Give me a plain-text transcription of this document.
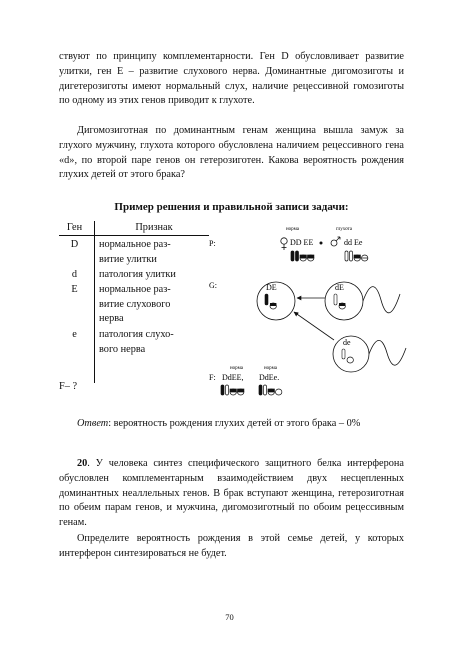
ствуют по принципу комплементарности. Ген D обусловливает развитие улитки, ген E – развитие слухового нерва. Доминантные дигомозиготы и дигетерозиготы имеют нормальный слух, наличие рецессивной гомозиготы по одному из этих генов приводит к глухоте.

Дигомозиготная по доминантным генам женщина вышла замуж за глухого мужчину, глухота которого обусловлена наличием рецессивного гена «d», по второй паре генов он гетерозиготен. Какова вероятность рождения глухих детей от этого брака?

Пример решения и правильной записи задачи:
Ген	Признак
D	нормальное раз-
витие улитки
d	патология улитки
E	нормальное раз-
витие слухового
нерва
e	патология слухо-
вого нерва
F– ?
норма	глухота
P:	DD EE	dd Ee
G:	DE	dE
de
норма	норма
F: DdEE, DdEe.
Ответ: вероятность рождения глухих детей от этого брака – 0%
20. У человека синтез специфического защитного белка интерферона обусловлен комплементарным взаимодействием двух несцепленных доминантных неаллельных генов. В брак вступают женщина, гетерозиготная по обеим парам генов, и мужчина, дигомозиготный по обоим рецессивным генам.
Определите вероятность рождения в этой семье детей, у которых интерферон синтезироваться не будет.
70
